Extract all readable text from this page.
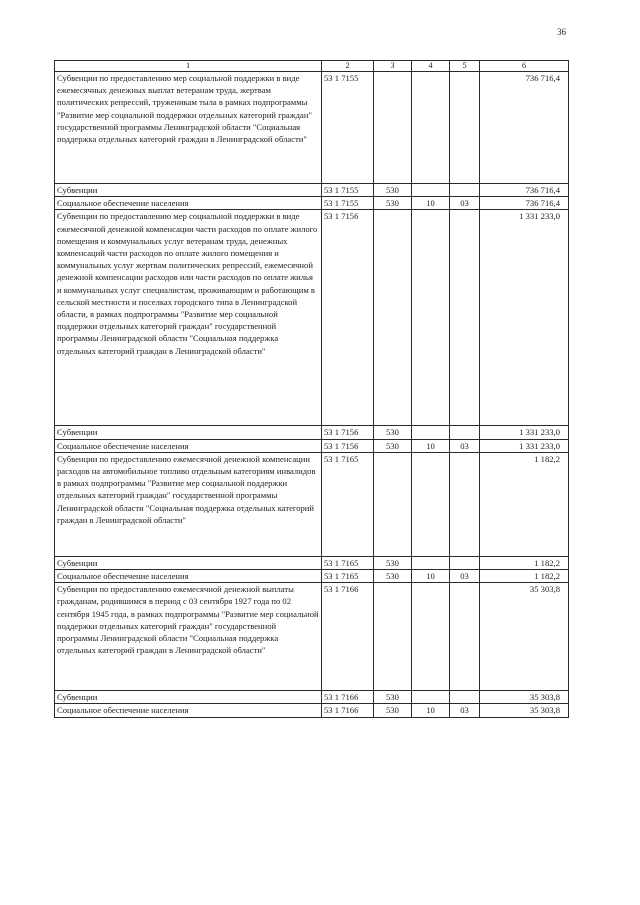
36
1	2	3	4	5	6
Субвенции по предоставлению мер социальной поддержки в виде ежемесячных денежных выплат ветеранам труда, жертвам политических репрессий, труженикам тыла в рамках подпрограммы "Развитие мер социальной поддержки отдельных категорий граждан" государственной программы Ленинградской области "Социальная поддержка отдельных категорий граждан в Ленинградской области"	53 1 7155				736 716,4
Субвенции	53 1 7155	530			736 716,4
Социальное обеспечение населения	53 1 7155	530	10	03	736 716,4
Субвенции по предоставлению мер социальной поддержки в виде ежемесячной денежной компенсации части расходов по оплате жилого помещения и коммунальных услуг ветеранам труда, денежных компенсаций части расходов по оплате жилого помещения и коммунальных услуг жертвам политических репрессий, ежемесячной денежной компенсации расходов или части расходов по оплате жилья и коммунальных услуг специалистам, проживающим и работающим в сельской местности и поселках городского типа в Ленинградской области, в рамках подпрограммы "Развитие мер социальной поддержки отдельных категорий граждан" государственной программы Ленинградской области "Социальная поддержка отдельных категорий граждан в Ленинградской области"	53 1 7156				1 331 233,0
Субвенции	53 1 7156	530			1 331 233,0
Социальное обеспечение населения	53 1 7156	530	10	03	1 331 233,0
Субвенции по предоставлению ежемесячной денежной компенсации расходов на автомобильное топливо отдельным категориям инвалидов в рамках подпрограммы "Развитие мер социальной поддержки отдельных категорий граждан" государственной программы Ленинградской области "Социальная поддержка отдельных категорий граждан в Ленинградской области"	53 1 7165				1 182,2
Субвенции	53 1 7165	530			1 182,2
Социальное обеспечение населения	53 1 7165	530	10	03	1 182,2
Субвенции по предоставлению ежемесячной денежной выплаты гражданам, родившимся в период с 03 сентября 1927 года по 02 сентября 1945 года, в рамках подпрограммы "Развитие мер социальной поддержки отдельных категорий граждан" государственной программы Ленинградской области "Социальная поддержка отдельных категорий граждан в Ленинградской области"	53 1 7166				35 303,8
Субвенции	53 1 7166	530			35 303,8
Социальное обеспечение населения	53 1 7166	530	10	03	35 303,8
